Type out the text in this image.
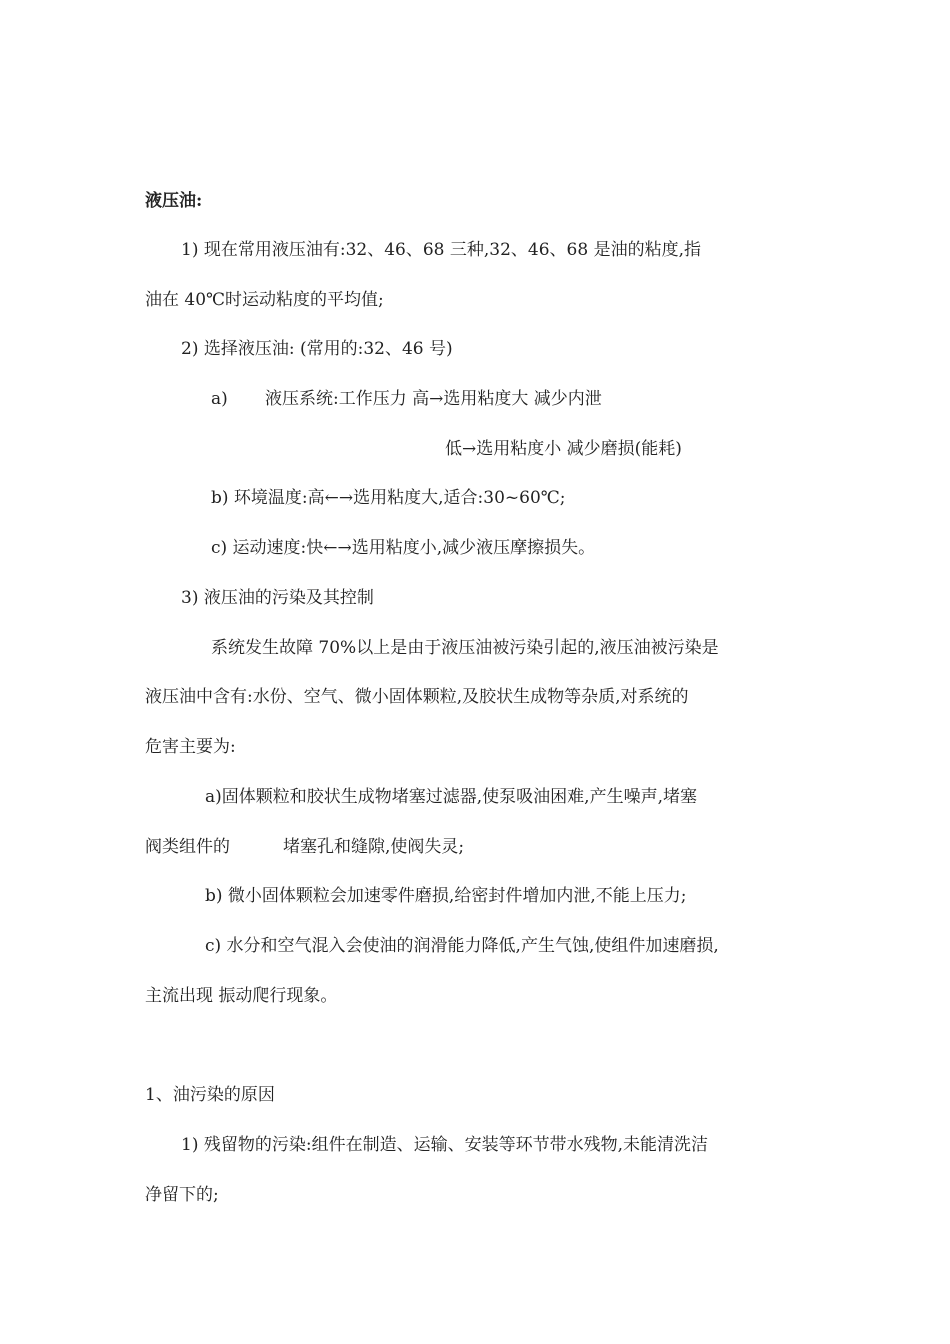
液压油:
1) 现在常用液压油有:32、46、68 三种,32、46、68 是油的粘度,指
油在 40℃时运动粘度的平均值;
2) 选择液压油: (常用的:32、46 号)
a) 液压系统:工作压力 高→选用粘度大 减少内泄
低→选用粘度小 减少磨损(能耗)
b) 环境温度:高←→选用粘度大,适合:30~60℃;
c) 运动速度:快←→选用粘度小,减少液压摩擦损失。
3) 液压油的污染及其控制
系统发生故障 70%以上是由于液压油被污染引起的,液压油被污染是
液压油中含有:水份、空气、微小固体颗粒,及胶状生成物等杂质,对系统的
危害主要为:
a)固体颗粒和胶状生成物堵塞过滤器,使泵吸油困难,产生噪声,堵塞
阀类组件的	堵塞孔和缝隙,使阀失灵;
b) 微小固体颗粒会加速零件磨损,给密封件增加内泄,不能上压力;
c) 水分和空气混入会使油的润滑能力降低,产生气蚀,使组件加速磨损,
主流出现 振动爬行现象。
1、油污染的原因
1) 残留物的污染:组件在制造、运输、安装等环节带水残物,未能清洗洁
净留下的;
